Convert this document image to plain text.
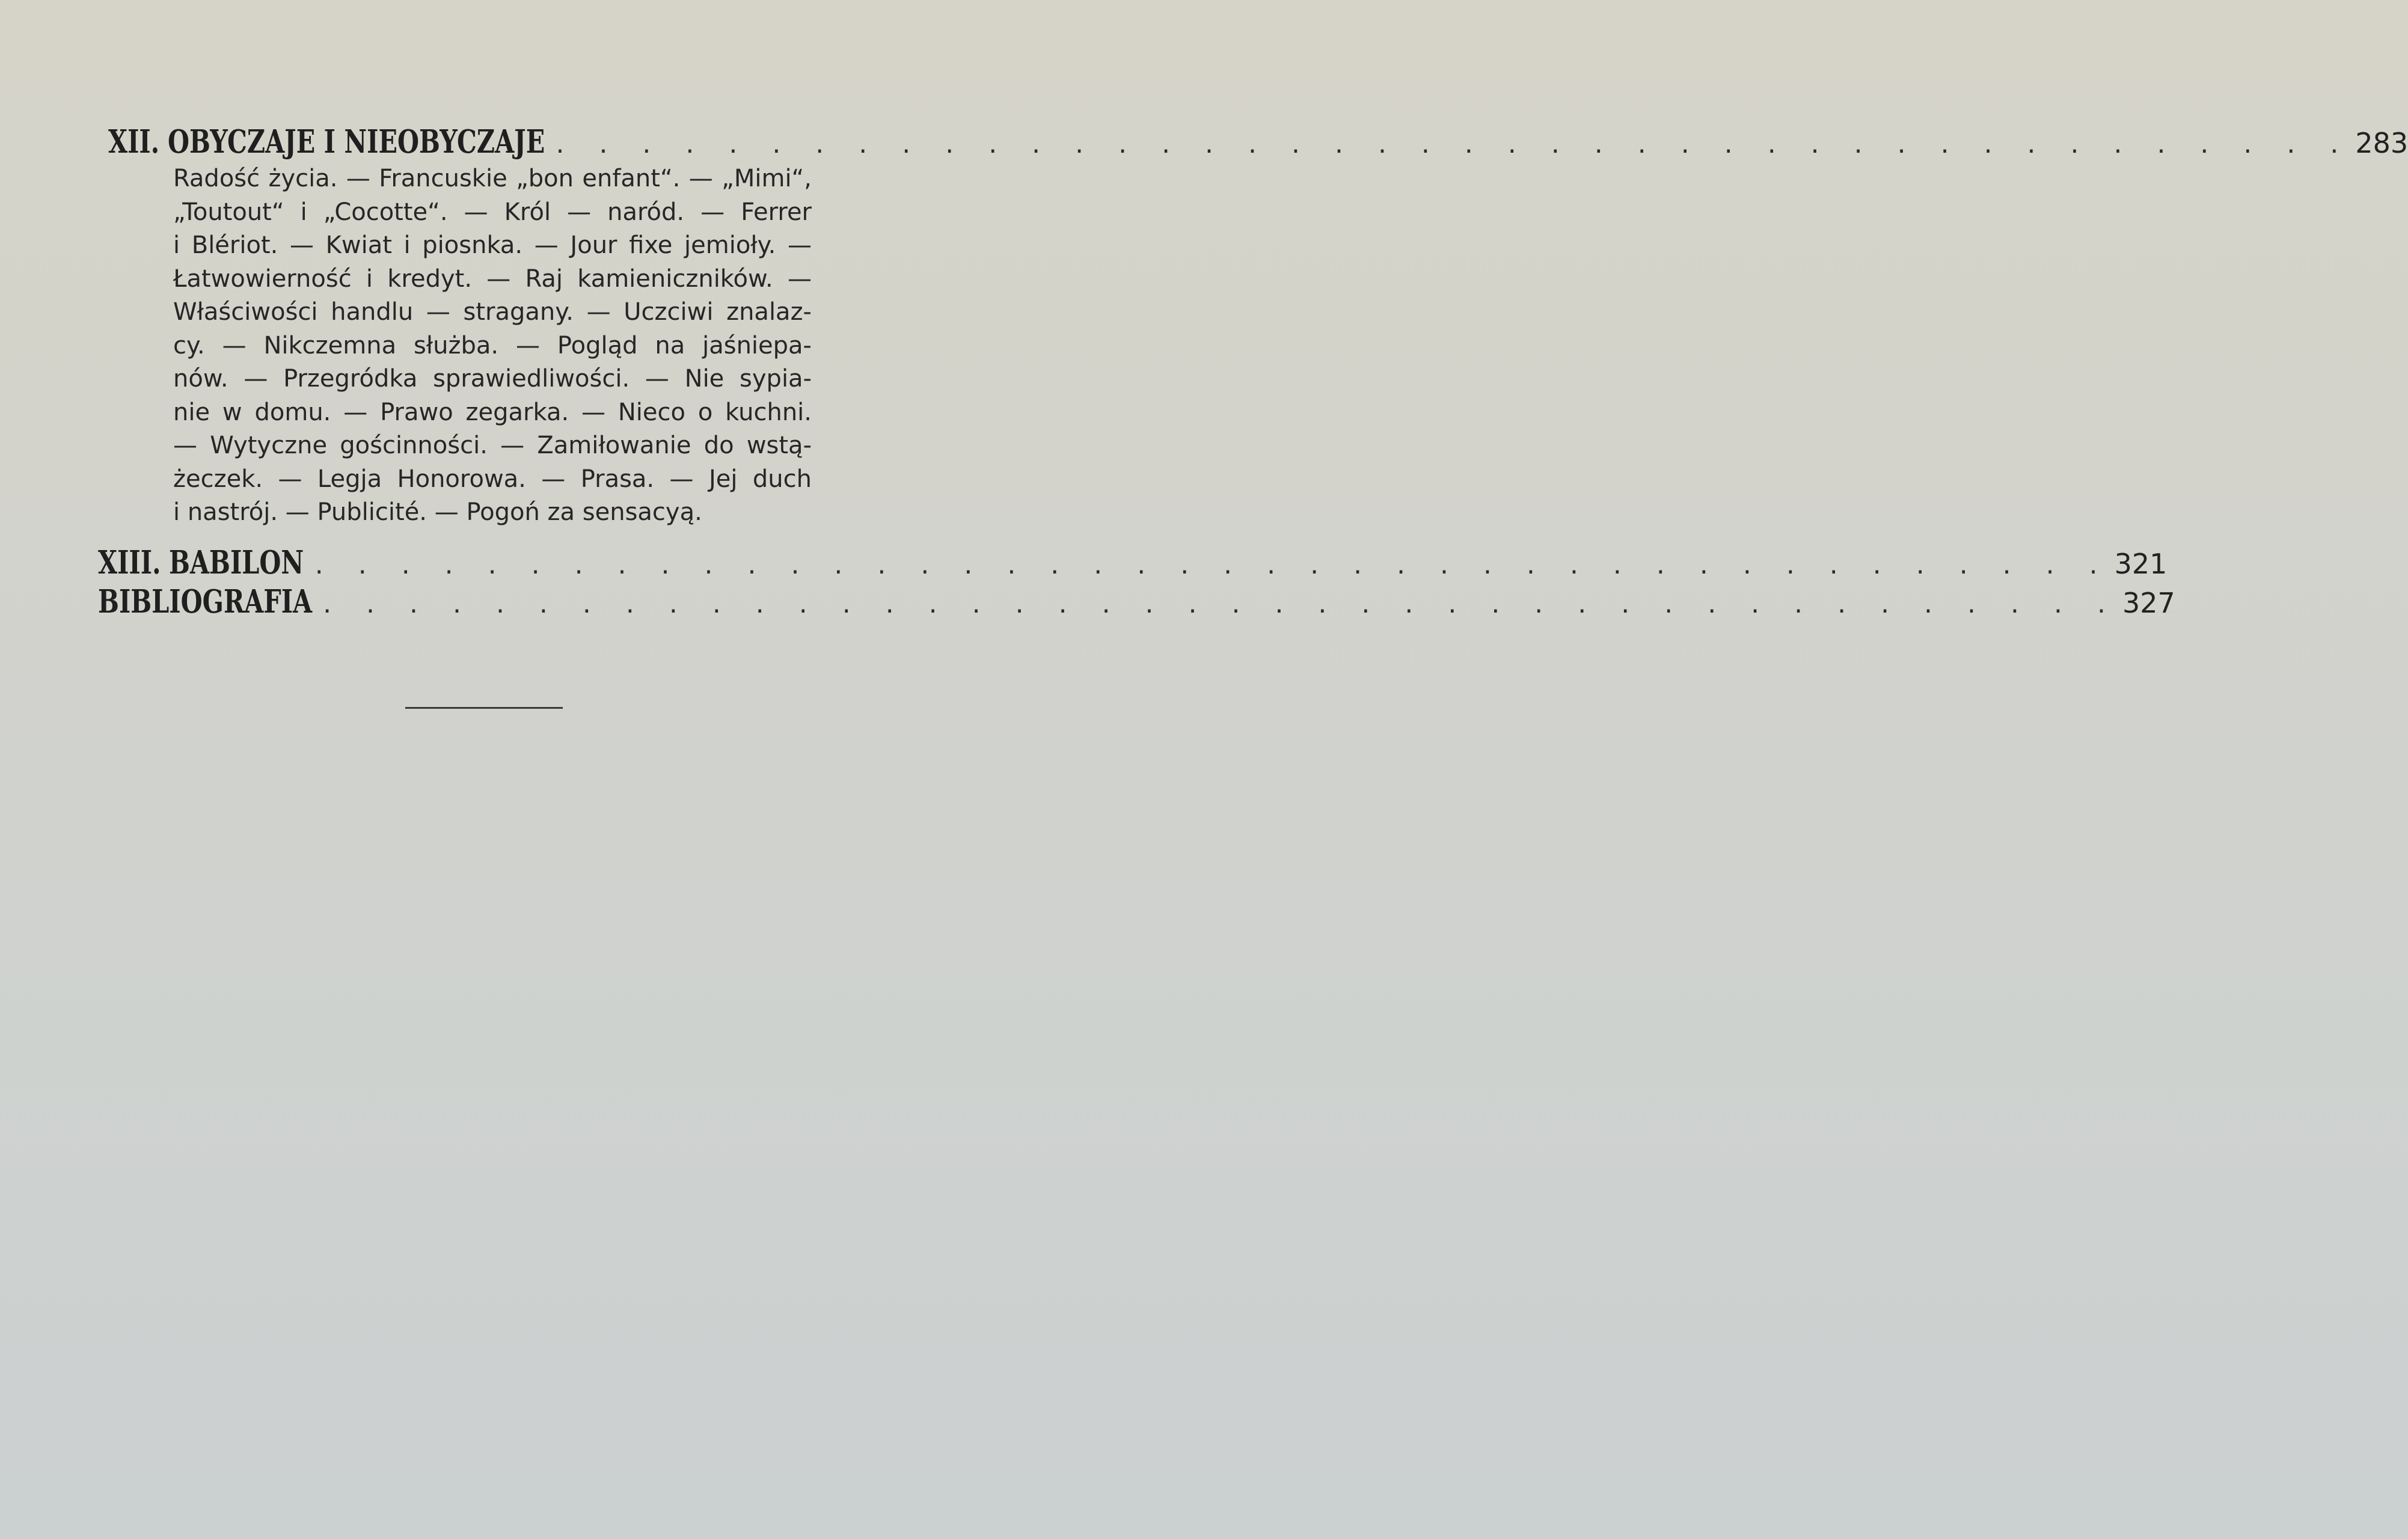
XII. OBYCZAJE I NIEOBYCZAJE . . . . . . . . . . . . . . . . . . . . . . . . . . . . . . . . . . . . . . . . . . 283
Radość życia. — Francuskie „bon enfant“. — „Mimi“,
„Toutout“ i „Cocotte“. — Król — naród. — Ferrer
i Blériot. — Kwiat i piosnka. — Jour fixe jemioły. —
Łatwowierność i kredyt. — Raj kamieniczników. —
Właściwości handlu — stragany. — Uczciwi znalaz-
cy. — Nikczemna służba. — Pogląd na jaśniepa-
nów. — Przegródka sprawiedliwości. — Nie sypia-
nie w domu. — Prawo zegarka. — Nieco o kuchni.
— Wytyczne gościnności. — Zamiłowanie do wstą-
żeczek. — Legja Honorowa. — Prasa. — Jej duch
i nastrój. — Publicité. — Pogoń za sensacyą.
XIII. BABILON . . . . . . . . . . . . . . . . . . . . . . . . . . . . . . . . . . . . . . . . . . 321
BIBLIOGRAFIA . . . . . . . . . . . . . . . . . . . . . . . . . . . . . . . . . . . . . . . . . . 327
